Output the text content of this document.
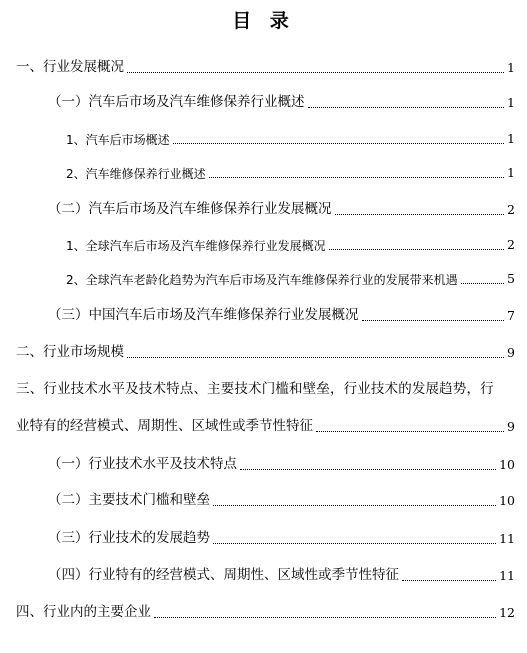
目 录
一、行业发展概况	1
（一）汽车后市场及汽车维修保养行业概述	1
1、汽车后市场概述	1
2、汽车维修保养行业概述	1
（二）汽车后市场及汽车维修保养行业发展概况	2
1、全球汽车后市场及汽车维修保养行业发展概况	2
2、全球汽车老龄化趋势为汽车后市场及汽车维修保养行业的发展带来机遇	5
（三）中国汽车后市场及汽车维修保养行业发展概况	7
二、行业市场规模	9
三、行业技术水平及技术特点、主要技术门槛和壁垒，行业技术的发展趋势，行
业特有的经营模式、周期性、区域性或季节性特征	9
（一）行业技术水平及技术特点	10
（二）主要技术门槛和壁垒	10
（三）行业技术的发展趋势	11
（四）行业特有的经营模式、周期性、区域性或季节性特征	11
四、行业内的主要企业	12
